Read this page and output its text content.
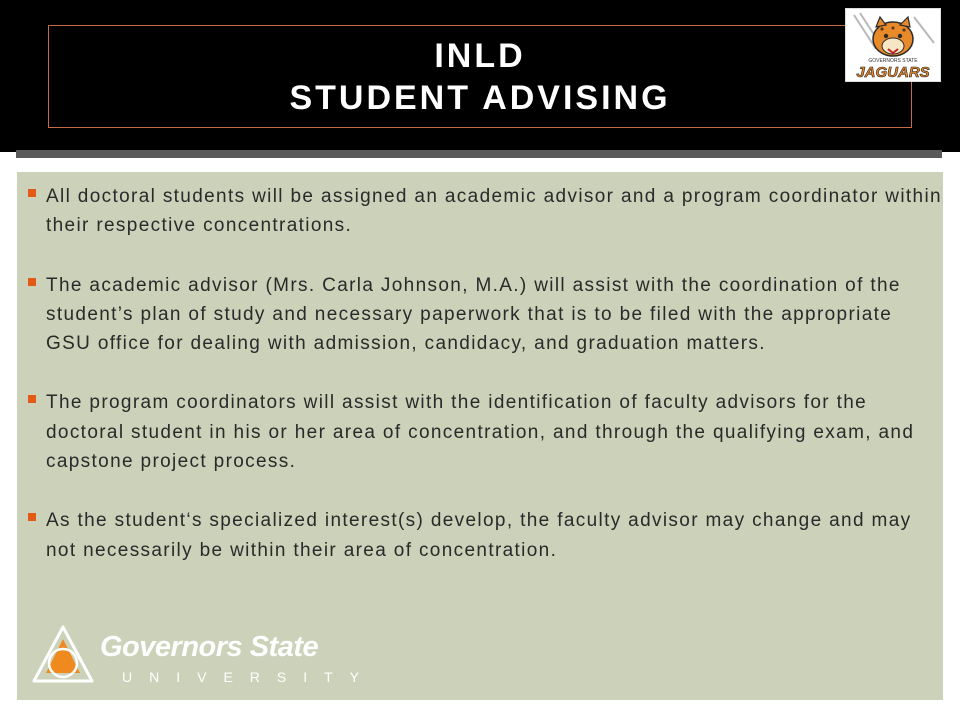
INLD
STUDENT ADVISING
JAGUARS
GOVERNORS STATE
All doctoral students will be assigned an academic advisor and a program coordinator within their respective concentrations.
The academic advisor (Mrs. Carla Johnson, M.A.) will assist with the coordination of the student’s plan of study and necessary paperwork that is to be filed with the appropriate GSU office for dealing with admission, candidacy, and graduation matters.
The program coordinators will assist with the identification of faculty advisors for the doctoral student in his or her area of concentration, and through the qualifying exam, and capstone project process.
As the student‘s specialized interest(s) develop, the faculty advisor may change and may not necessarily be within their area of concentration.
Governors State
UNIVERSITY
